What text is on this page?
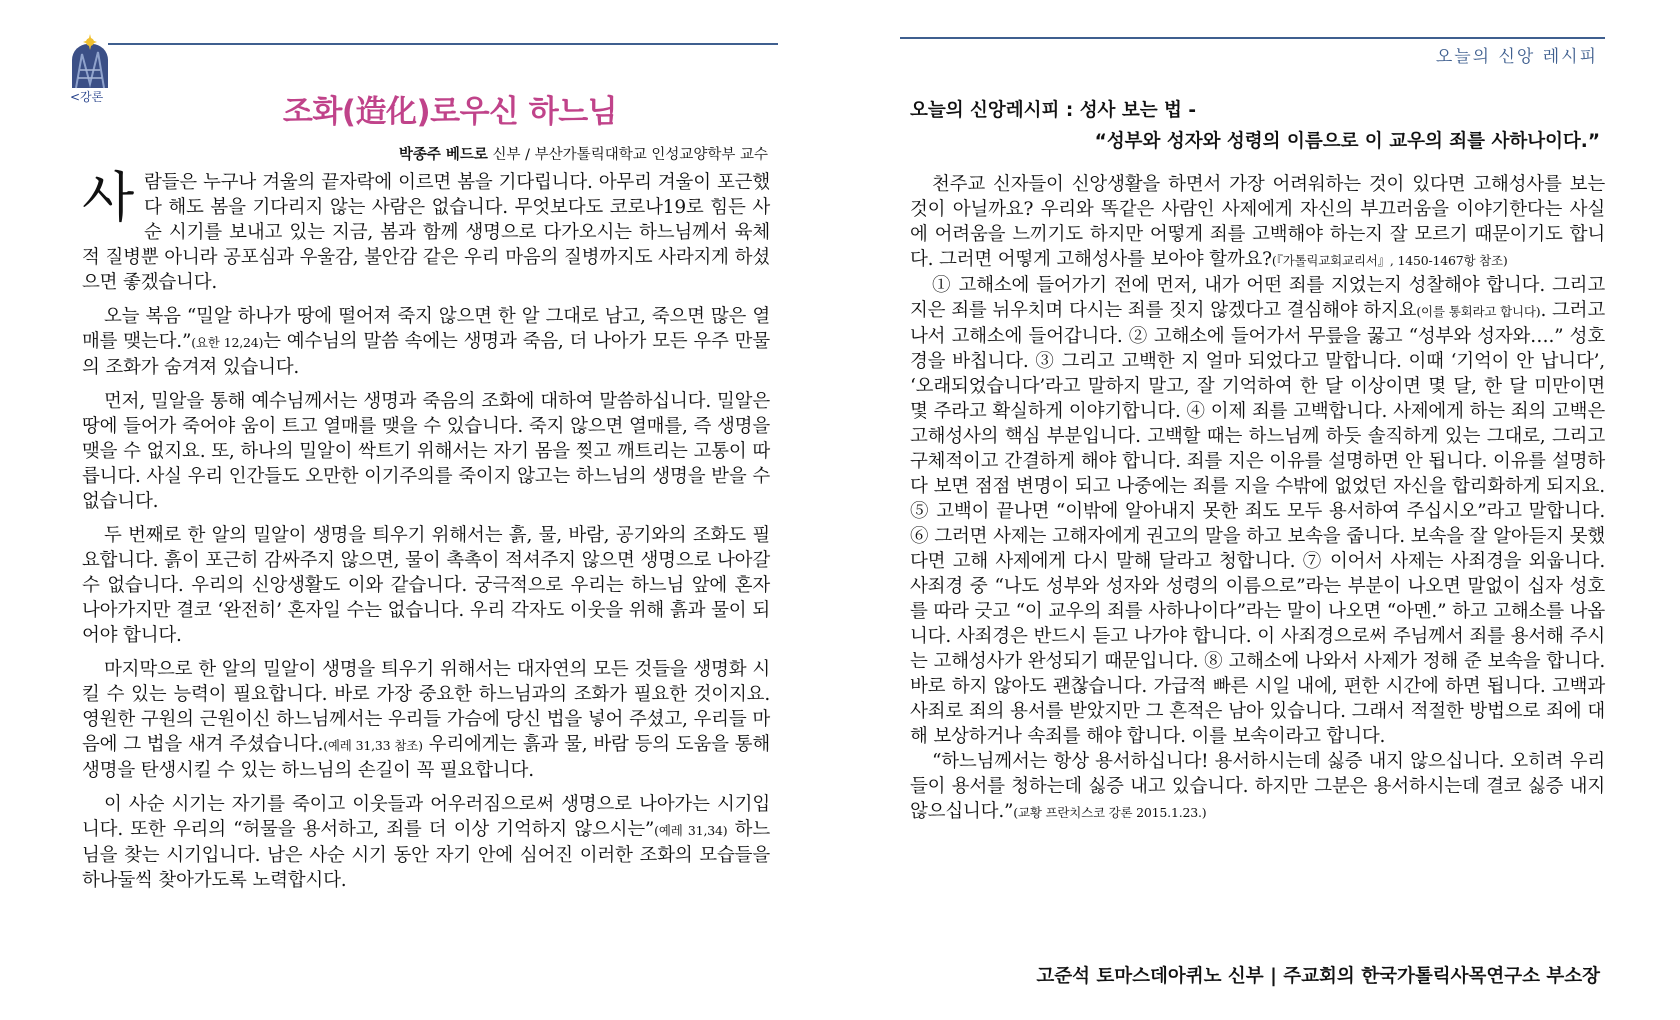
<강론	조화(造化)로우신 하느님
박종주 베드로 신부 / 부산가톨릭대학교 인성교양학부 교수

사람들은 누구나 겨울의 끝자락에 이르면 봄을 기다립니다. 아무리 겨울이 포근했다 해도 봄을 기다리지 않는 사람은 없습니다. 무엇보다도 코로나19로 힘든 사순 시기를 보내고 있는 지금, 봄과 함께 생명으로 다가오시는 하느님께서 육체적 질병뿐 아니라 공포심과 우울감, 불안감 같은 우리 마음의 질병까지도 사라지게 하셨으면 좋겠습니다.

오늘 복음 “밀알 하나가 땅에 떨어져 죽지 않으면 한 알 그대로 남고, 죽으면 많은 열매를 맺는다.”(요한 12,24)는 예수님의 말씀 속에는 생명과 죽음, 더 나아가 모든 우주 만물의 조화가 숨겨져 있습니다.

먼저, 밀알을 통해 예수님께서는 생명과 죽음의 조화에 대하여 말씀하십니다. 밀알은 땅에 들어가 죽어야 움이 트고 열매를 맺을 수 있습니다. 죽지 않으면 열매를, 즉 생명을 맺을 수 없지요. 또, 하나의 밀알이 싹트기 위해서는 자기 몸을 찢고 깨트리는 고통이 따릅니다. 사실 우리 인간들도 오만한 이기주의를 죽이지 않고는 하느님의 생명을 받을 수 없습니다.

두 번째로 한 알의 밀알이 생명을 틔우기 위해서는 흙, 물, 바람, 공기와의 조화도 필요합니다. 흙이 포근히 감싸주지 않으면, 물이 촉촉이 적셔주지 않으면 생명으로 나아갈 수 없습니다. 우리의 신앙생활도 이와 같습니다. 궁극적으로 우리는 하느님 앞에 혼자 나아가지만 결코 ‘완전히’ 혼자일 수는 없습니다. 우리 각자도 이웃을 위해 흙과 물이 되어야 합니다.

마지막으로 한 알의 밀알이 생명을 틔우기 위해서는 대자연의 모든 것들을 생명화 시킬 수 있는 능력이 필요합니다. 바로 가장 중요한 하느님과의 조화가 필요한 것이지요. 영원한 구원의 근원이신 하느님께서는 우리들 가슴에 당신 법을 넣어 주셨고, 우리들 마음에 그 법을 새겨 주셨습니다.(예레 31,33 참조) 우리에게는 흙과 물, 바람 등의 도움을 통해 생명을 탄생시킬 수 있는 하느님의 손길이 꼭 필요합니다.

이 사순 시기는 자기를 죽이고 이웃들과 어우러짐으로써 생명으로 나아가는 시기입니다. 또한 우리의 “허물을 용서하고, 죄를 더 이상 기억하지 않으시는”(예레 31,34) 하느님을 찾는 시기입니다. 남은 사순 시기 동안 자기 안에 심어진 이러한 조화의 모습들을 하나둘씩 찾아가도록 노력합시다.

오늘의 신앙 레시피
오늘의 신앙레시피 : 성사 보는 법 -
“성부와 성자와 성령의 이름으로 이 교우의 죄를 사하나이다.”

천주교 신자들이 신앙생활을 하면서 가장 어려워하는 것이 있다면 고해성사를 보는 것이 아닐까요? 우리와 똑같은 사람인 사제에게 자신의 부끄러움을 이야기한다는 사실에 어려움을 느끼기도 하지만 어떻게 죄를 고백해야 하는지 잘 모르기 때문이기도 합니다. 그러면 어떻게 고해성사를 보아야 할까요?(『가톨릭교회교리서』, 1450-1467항 참조)

① 고해소에 들어가기 전에 먼저, 내가 어떤 죄를 지었는지 성찰해야 합니다. 그리고 지은 죄를 뉘우치며 다시는 죄를 짓지 않겠다고 결심해야 하지요(이를 통회라고 합니다). 그러고 나서 고해소에 들어갑니다. ② 고해소에 들어가서 무릎을 꿇고 “성부와 성자와….” 성호경을 바칩니다. ③ 그리고 고백한 지 얼마 되었다고 말합니다. 이때 ‘기억이 안 납니다’, ‘오래되었습니다’라고 말하지 말고, 잘 기억하여 한 달 이상이면 몇 달, 한 달 미만이면 몇 주라고 확실하게 이야기합니다. ④ 이제 죄를 고백합니다. 사제에게 하는 죄의 고백은 고해성사의 핵심 부분입니다. 고백할 때는 하느님께 하듯 솔직하게 있는 그대로, 그리고 구체적이고 간결하게 해야 합니다. 죄를 지은 이유를 설명하면 안 됩니다. 이유를 설명하다 보면 점점 변명이 되고 나중에는 죄를 지을 수밖에 없었던 자신을 합리화하게 되지요. ⑤ 고백이 끝나면 “이밖에 알아내지 못한 죄도 모두 용서하여 주십시오”라고 말합니다. ⑥ 그러면 사제는 고해자에게 권고의 말을 하고 보속을 줍니다. 보속을 잘 알아듣지 못했다면 고해 사제에게 다시 말해 달라고 청합니다. ⑦ 이어서 사제는 사죄경을 외웁니다. 사죄경 중 “나도 성부와 성자와 성령의 이름으로”라는 부분이 나오면 말없이 십자 성호를 따라 긋고 “이 교우의 죄를 사하나이다”라는 말이 나오면 “아멘.” 하고 고해소를 나옵니다. 사죄경은 반드시 듣고 나가야 합니다. 이 사죄경으로써 주님께서 죄를 용서해 주시는 고해성사가 완성되기 때문입니다. ⑧ 고해소에 나와서 사제가 정해 준 보속을 합니다. 바로 하지 않아도 괜찮습니다. 가급적 빠른 시일 내에, 편한 시간에 하면 됩니다. 고백과 사죄로 죄의 용서를 받았지만 그 흔적은 남아 있습니다. 그래서 적절한 방법으로 죄에 대해 보상하거나 속죄를 해야 합니다. 이를 보속이라고 합니다.

“하느님께서는 항상 용서하십니다! 용서하시는데 싫증 내지 않으십니다. 오히려 우리들이 용서를 청하는데 싫증 내고 있습니다. 하지만 그분은 용서하시는데 결코 싫증 내지 않으십니다.”(교황 프란치스코 강론 2015.1.23.)

고준석 토마스데아퀴노 신부 | 주교회의 한국가톨릭사목연구소 부소장
